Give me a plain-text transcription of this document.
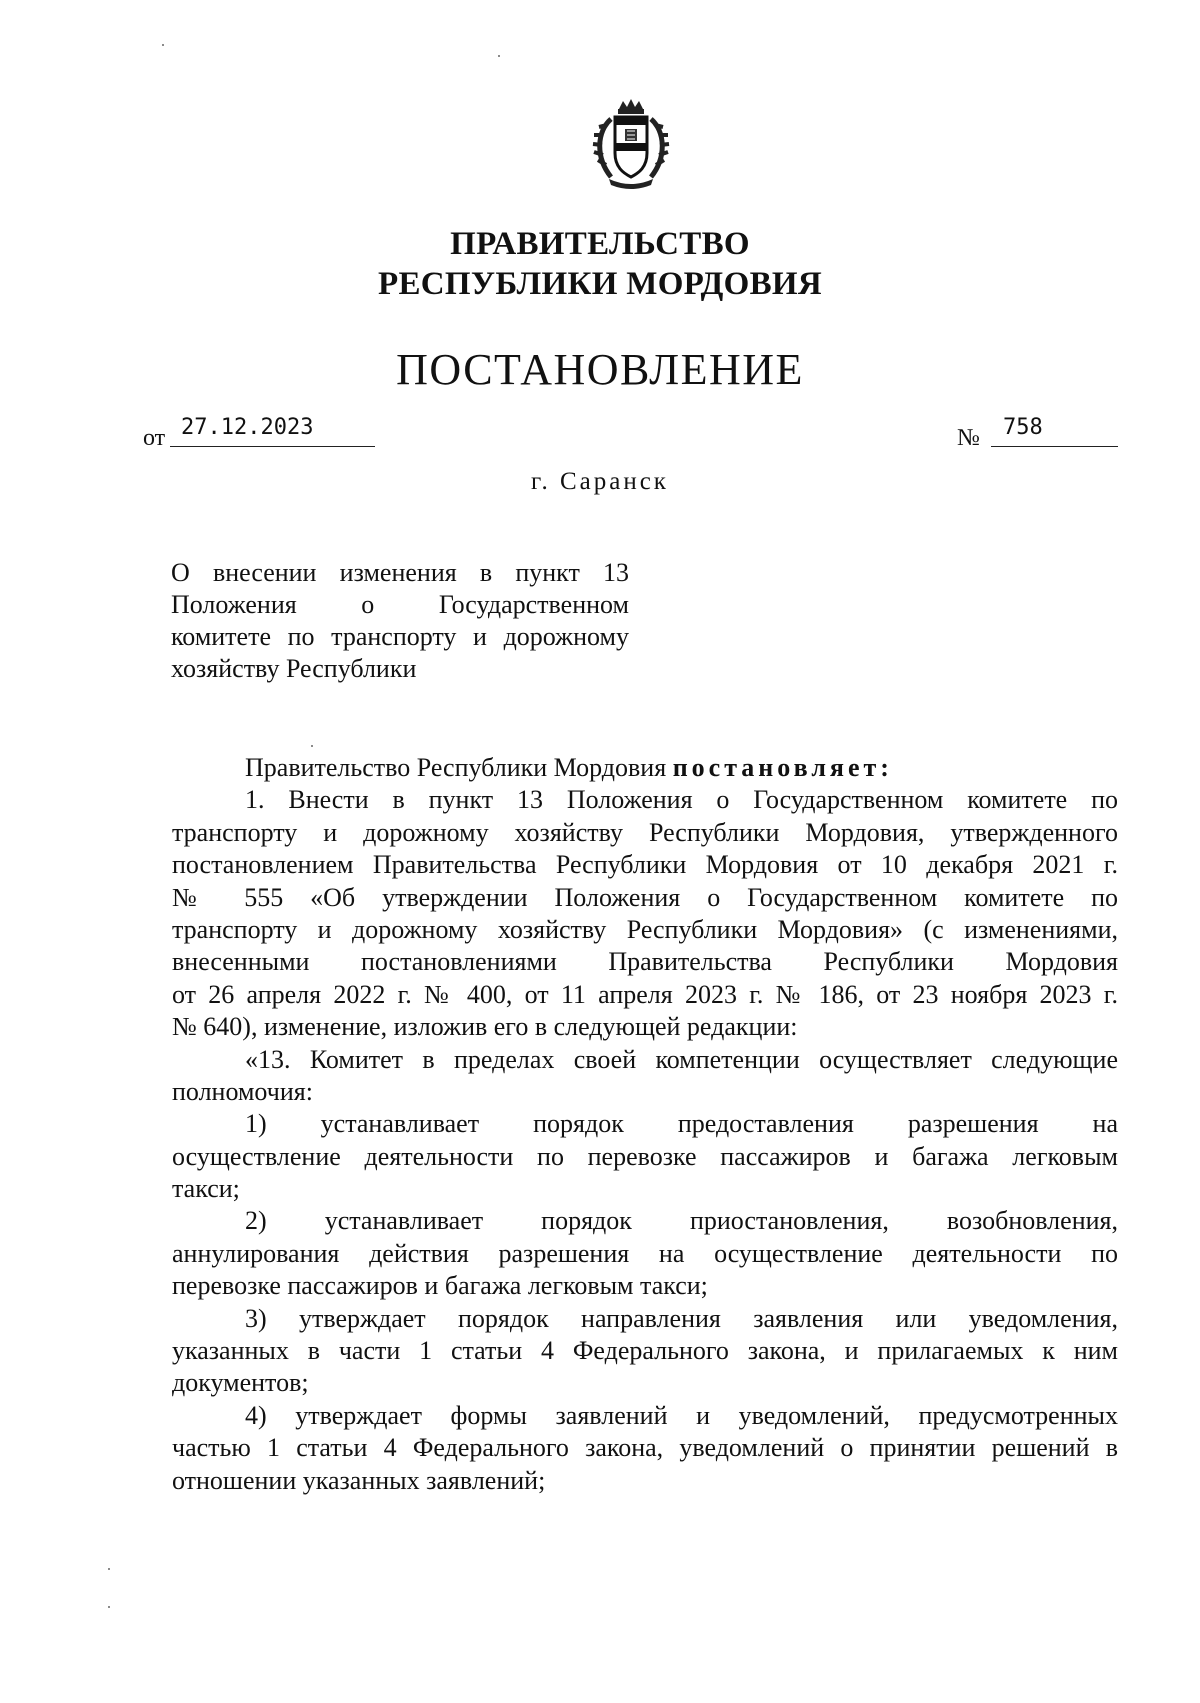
ПРАВИТЕЛЬСТВО
РЕСПУБЛИКИ МОРДОВИЯ
ПОСТАНОВЛЕНИЕ
от 27.12.2023	№ 758
г. Саранск
О внесении изменения в пункт 13
Положения о Государственном
комитете по транспорту и дорожному
хозяйству Республики
Правительство Республики Мордовия постановляет:
1. Внести в пункт 13 Положения о Государственном комитете по
транспорту и дорожному хозяйству Республики Мордовия, утвержденного
постановлением Правительства Республики Мордовия от 10 декабря 2021 г.
№ 555 «Об утверждении Положения о Государственном комитете по
транспорту и дорожному хозяйству Республики Мордовия» (с изменениями,
внесенными постановлениями Правительства Республики Мордовия
от 26 апреля 2022 г. № 400, от 11 апреля 2023 г. № 186, от 23 ноября 2023 г.
№ 640), изменение, изложив его в следующей редакции:
«13. Комитет в пределах своей компетенции осуществляет следующие
полномочия:
1) устанавливает порядок предоставления разрешения на
осуществление деятельности по перевозке пассажиров и багажа легковым
такси;
2) устанавливает порядок приостановления, возобновления,
аннулирования действия разрешения на осуществление деятельности по
перевозке пассажиров и багажа легковым такси;
3) утверждает порядок направления заявления или уведомления,
указанных в части 1 статьи 4 Федерального закона, и прилагаемых к ним
документов;
4) утверждает формы заявлений и уведомлений, предусмотренных
частью 1 статьи 4 Федерального закона, уведомлений о принятии решений в
отношении указанных заявлений;
